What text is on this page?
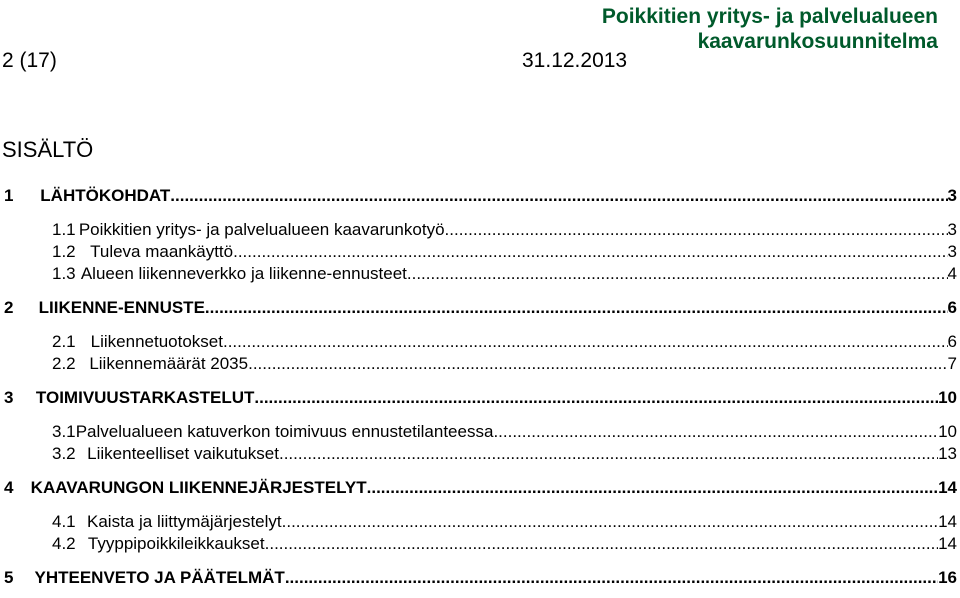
Poikkitien yritys- ja palvelualueen
kaavarunkosuunnitelma
2 (17)	31.12.2013
SISÄLTÖ
1	LÄHTÖKOHDAT .....	3
1.1 Poikkitien yritys- ja palvelualueen kaavarunkotyö .....	3
1.2 Tuleva maankäyttö .....	3
1.3 Alueen liikenneverkko ja liikenne-ennusteet .....	4
2	LIIKENNE-ENNUSTE .....	6
2.1 Liikennetuotokset .....	6
2.2 Liikennemäärät 2035 .....	7
3	TOIMIVUUSTARKASTELUT .....	10
3.1 Palvelualueen katuverkon toimivuus ennustetilanteessa .....	10
3.2 Liikenteelliset vaikutukset .....	13
4	KAAVARUNGON LIIKENNEJÄRJESTELYT .....	14
4.1 Kaista ja liittymäjärjestelyt .....	14
4.2 Tyyppipoikkileikkaukset .....	14
5	YHTEENVETO JA PÄÄTELMÄT .....	16
